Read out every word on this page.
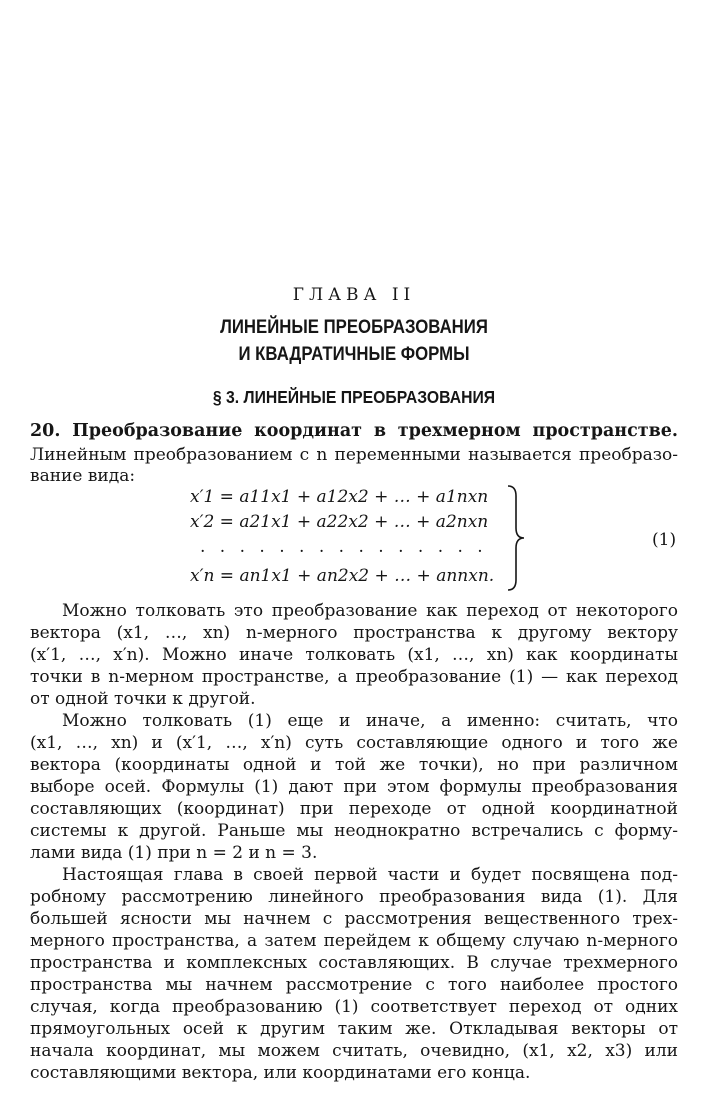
ГЛАВА II
ЛИНЕЙНЫЕ ПРЕОБРАЗОВАНИЯ
И КВАДРАТИЧНЫЕ ФОРМЫ
§ 3. ЛИНЕЙНЫЕ ПРЕОБРАЗОВАНИЯ
20. Преобразование координат в трехмерном пространстве.
Линейным преобразованием с n переменными называется преобразо-
вание вида:
x′1 = a11x1 + a12x2 + … + a1nxn
x′2 = a21x1 + a22x2 + … + a2nxn
. . . . . . . . . . . . . . .
x′n = an1x1 + an2x2 + … + annxn.
(1)
Можно толковать это преобразование как переход от некоторого
вектора (x1, …, xn) n-мерного пространства к другому вектору
(x′1, …, x′n). Можно иначе толковать (x1, …, xn) как координаты
точки в n-мерном пространстве, а преобразование (1) — как переход
от одной точки к другой.
Можно толковать (1) еще и иначе, а именно: считать, что
(x1, …, xn) и (x′1, …, x′n) суть составляющие одного и того же
вектора (координаты одной и той же точки), но при различном
выборе осей. Формулы (1) дают при этом формулы преобразования
составляющих (координат) при переходе от одной координатной
системы к другой. Раньше мы неоднократно встречались с форму-
лами вида (1) при n = 2 и n = 3.
Настоящая глава в своей первой части и будет посвящена под-
робному рассмотрению линейного преобразования вида (1). Для
большей ясности мы начнем с рассмотрения вещественного трех-
мерного пространства, а затем перейдем к общему случаю n-мерного
пространства и комплексных составляющих. В случае трехмерного
пространства мы начнем рассмотрение с того наиболее простого
случая, когда преобразованию (1) соответствует переход от одних
прямоугольных осей к другим таким же. Откладывая векторы от
начала координат, мы можем считать, очевидно, (x1, x2, x3) или
составляющими вектора, или координатами его конца.
